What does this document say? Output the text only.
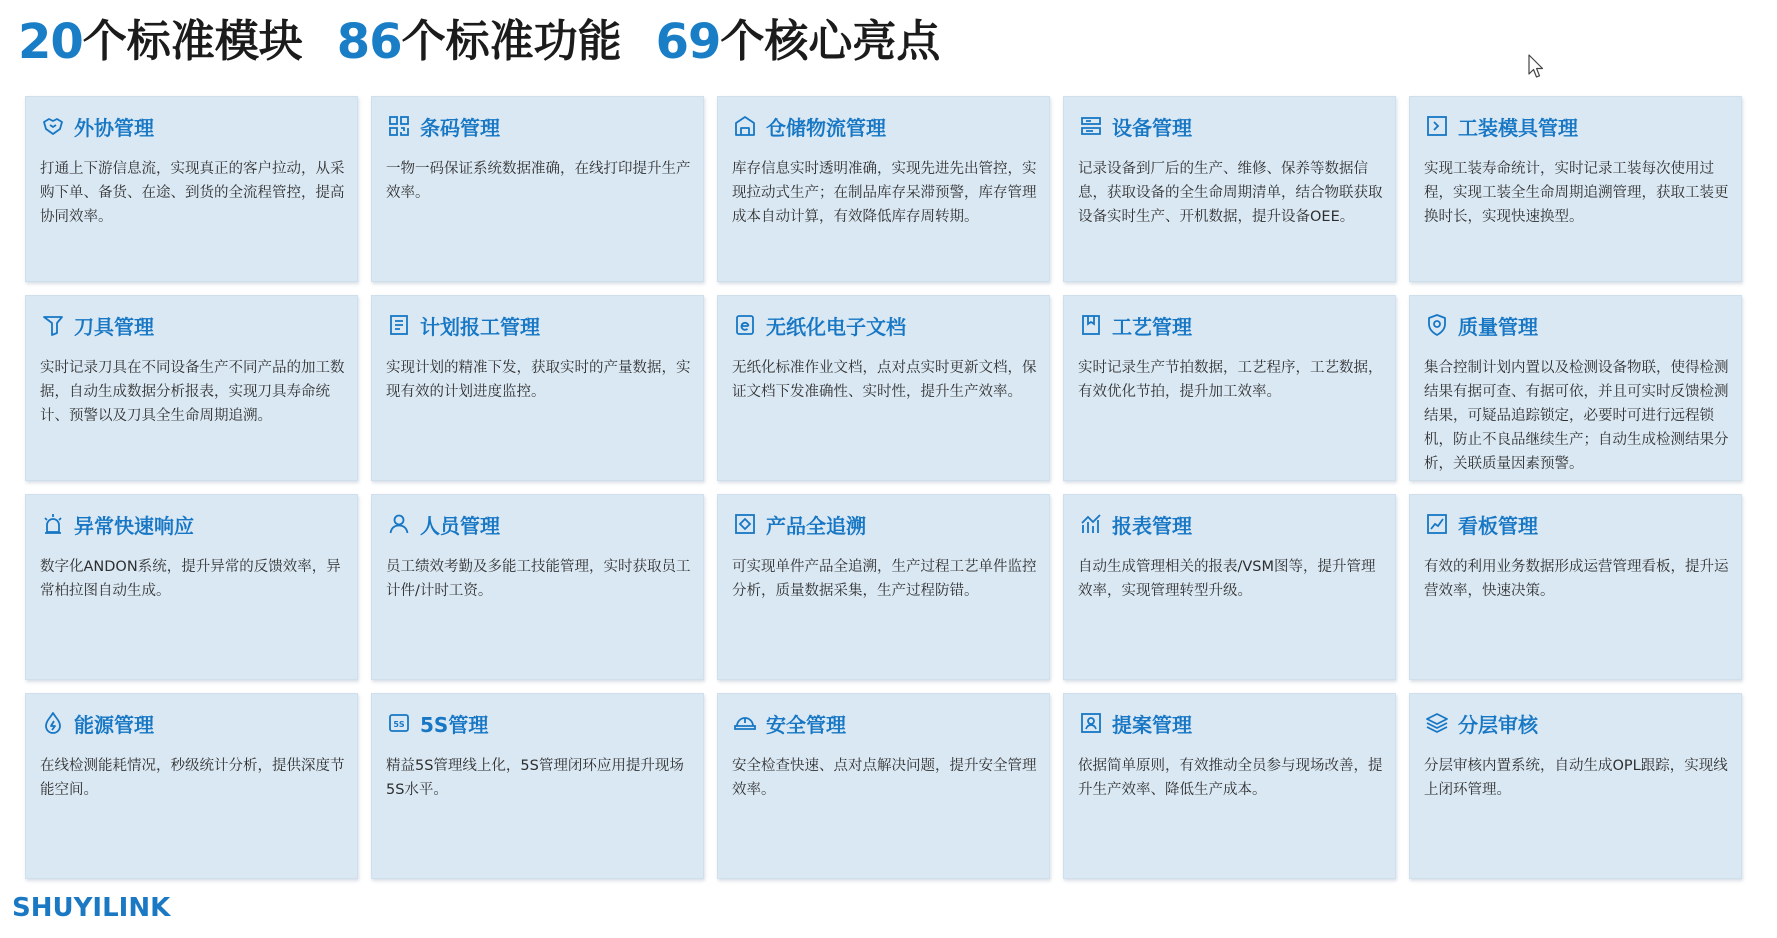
20 个标准模块 86 个标准功能 69 个核心亮点
外协管理
打通上下游信息流，实现真正的客户拉动，从采购下单、备货、在途、到货的全流程管控，提高协同效率。
条码管理
一物一码保证系统数据准确，在线打印提升生产效率。
仓储物流管理
库存信息实时透明准确，实现先进先出管控，实现拉动式生产；在制品库存呆滞预警，库存管理成本自动计算，有效降低库存周转期。
设备管理
记录设备到厂后的生产、维修、保养等数据信息，获取设备的全生命周期清单，结合物联获取设备实时生产、开机数据，提升设备OEE。
工装模具管理
实现工装寿命统计，实时记录工装每次使用过程，实现工装全生命周期追溯管理，获取工装更换时长，实现快速换型。
刀具管理
实时记录刀具在不同设备生产不同产品的加工数据，自动生成数据分析报表，实现刀具寿命统计、预警以及刀具全生命周期追溯。
计划报工管理
实现计划的精准下发，获取实时的产量数据，实现有效的计划进度监控。
无纸化电子文档
无纸化标准作业文档，点对点实时更新文档，保证文档下发准确性、实时性，提升生产效率。
工艺管理
实时记录生产节拍数据，工艺程序，工艺数据，有效优化节拍，提升加工效率。
质量管理
集合控制计划内置以及检测设备物联，使得检测结果有据可查、有据可依，并且可实时反馈检测结果，可疑品追踪锁定，必要时可进行远程锁机，防止不良品继续生产；自动生成检测结果分析，关联质量因素预警。
异常快速响应
数字化ANDON系统，提升异常的反馈效率，异常柏拉图自动生成。
人员管理
员工绩效考勤及多能工技能管理，实时获取员工计件/计时工资。
产品全追溯
可实现单件产品全追溯，生产过程工艺单件监控分析，质量数据采集，生产过程防错。
报表管理
自动生成管理相关的报表/VSM图等，提升管理效率，实现管理转型升级。
看板管理
有效的利用业务数据形成运营管理看板，提升运营效率，快速决策。
能源管理
在线检测能耗情况，秒级统计分析，提供深度节能空间。
5S 5S管理
精益5S管理线上化，5S管理闭环应用提升现场5S水平。
安全管理
安全检查快速、点对点解决问题，提升安全管理效率。
提案管理
依据简单原则，有效推动全员参与现场改善，提升生产效率、降低生产成本。
分层审核
分层审核内置系统，自动生成OPL跟踪，实现线上闭环管理。
SHUYILINK
